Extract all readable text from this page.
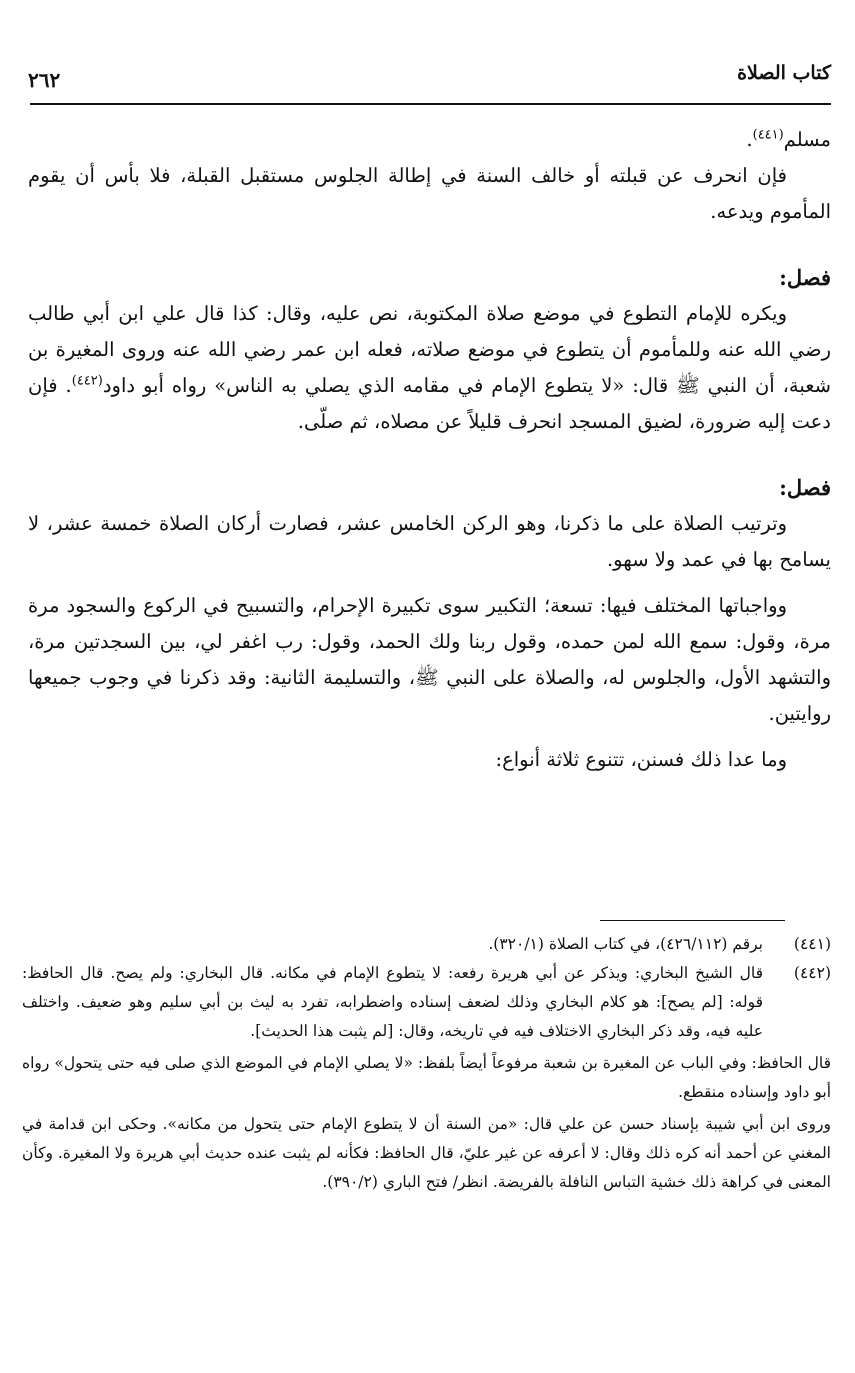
كتاب الصلاة
٢٦٢

مسلم$^{(٤٤١)}$.

فإن انحرف عن قبلته أو خالف السنة في إطالة الجلوس مستقبل القبلة، فلا بأس أن يقوم المأموم ويدعه.

فصل:

ويكره للإمام التطوع في موضع صلاة المكتوبة، نص عليه، وقال: كذا قال علي ابن أبي طالب رضي الله عنه وللمأموم أن يتطوع في موضع صلاته، فعله ابن عمر رضي الله عنه وروى المغيرة بن شعبة، أن النبي ﷺ قال: «لا يتطوع الإمام في مقامه الذي يصلي به الناس» رواه أبو داود$^{(٤٤٢)}$. فإن دعت إليه ضرورة، لضيق المسجد انحرف قليلاً عن مصلاه، ثم صلّى.

فصل:

وترتيب الصلاة على ما ذكرنا، وهو الركن الخامس عشر، فصارت أركان الصلاة خمسة عشر، لا يسامح بها في عمد ولا سهو.

وواجباتها المختلف فيها: تسعة؛ التكبير سوى تكبيرة الإحرام، والتسبيح في الركوع والسجود مرة مرة، وقول: سمع الله لمن حمده، وقول ربنا ولك الحمد، وقول: رب اغفر لي، بين السجدتين مرة، والتشهد الأول، والجلوس له، والصلاة على النبي ﷺ، والتسليمة الثانية: وقد ذكرنا في وجوب جميعها روايتين.

وما عدا ذلك فسنن، تتنوع ثلاثة أنواع:

(٤٤١)
برقم (٤٢٦/١١٢)، في كتاب الصلاة (٣٢٠/١).
(٤٤٢)
قال الشيخ البخاري: ويذكر عن أبي هريرة رفعه: لا يتطوع الإمام في مكانه. قال البخاري: ولم يصح. قال الحافظ: قوله: [لم يصح]: هو كلام البخاري وذلك لضعف إسناده واضطرابه، تفرد به ليث بن أبي سليم وهو ضعيف. واختلف عليه فيه، وقد ذكر البخاري الاختلاف فيه في تاريخه، وقال: [لم يثبت هذا الحديث].

قال الحافظ: وفي الباب عن المغيرة بن شعبة مرفوعاً أيضاً بلفظ: «لا يصلي الإمام في الموضع الذي صلى فيه حتى يتحول» رواه أبو داود وإسناده منقطع.

وروى ابن أبي شيبة بإسناد حسن عن علي قال: «من السنة أن لا يتطوع الإمام حتى يتحول من مكانه». وحكى ابن قدامة في المغني عن أحمد أنه كره ذلك وقال: لا أعرفه عن غير عليّ، قال الحافظ: فكأنه لم يثبت عنده حديث أبي هريرة ولا المغيرة. وكأن المعنى في كراهة ذلك خشية التباس النافلة بالفريضة. انظر/ فتح الباري (٣٩٠/٢).
